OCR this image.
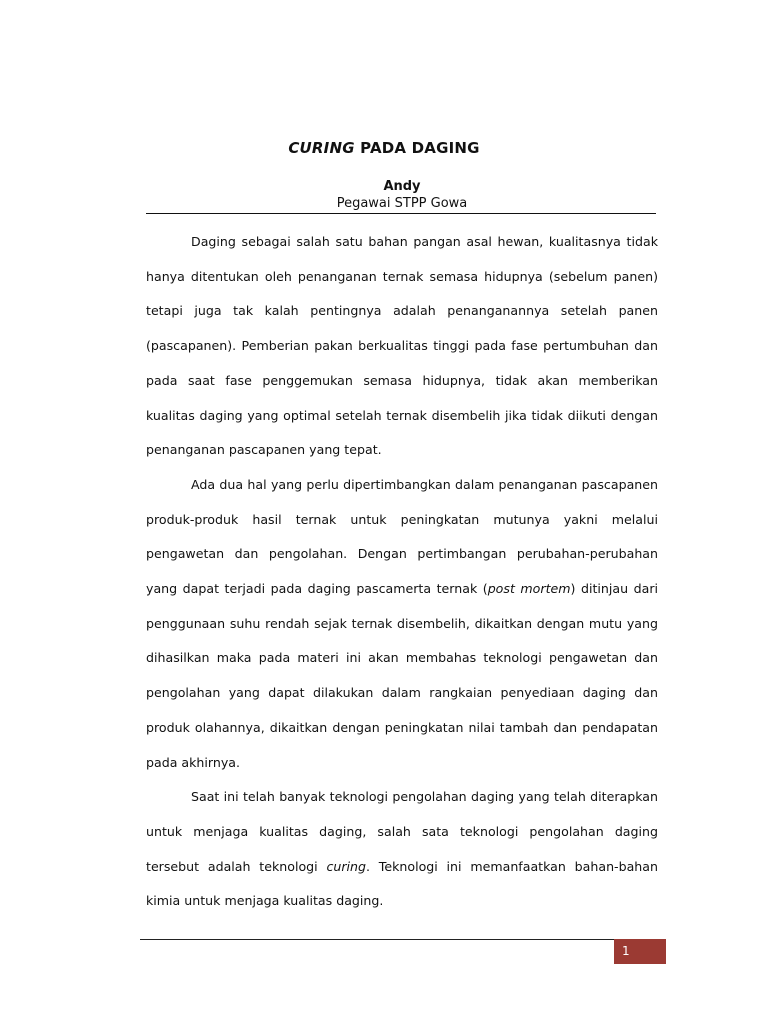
CURING PADA DAGING
Andy
Pegawai STPP Gowa

Daging sebagai salah satu bahan pangan asal hewan, kualitasnya tidak hanya ditentukan oleh penanganan ternak semasa hidupnya (sebelum panen) tetapi juga tak kalah pentingnya adalah penanganannya setelah panen (pascapanen). Pemberian pakan berkualitas tinggi pada fase pertumbuhan dan pada saat fase penggemukan semasa hidupnya, tidak akan memberikan kualitas daging yang optimal setelah ternak disembelih jika tidak diikuti dengan penanganan pascapanen yang tepat.

Ada dua hal yang perlu dipertimbangkan dalam penanganan pascapanen produk-produk hasil ternak untuk peningkatan mutunya yakni melalui pengawetan dan pengolahan. Dengan pertimbangan perubahan-perubahan yang dapat terjadi pada daging pascamerta ternak (post mortem) ditinjau dari penggunaan suhu rendah sejak ternak disembelih, dikaitkan dengan mutu yang dihasilkan maka pada materi ini akan membahas teknologi pengawetan dan pengolahan yang dapat dilakukan dalam rangkaian penyediaan daging dan produk olahannya, dikaitkan dengan peningkatan nilai tambah dan pendapatan pada akhirnya.

Saat ini telah banyak teknologi pengolahan daging yang telah diterapkan untuk menjaga kualitas daging, salah sata teknologi pengolahan daging tersebut adalah teknologi curing. Teknologi ini memanfaatkan bahan-bahan kimia untuk menjaga kualitas daging.

1
